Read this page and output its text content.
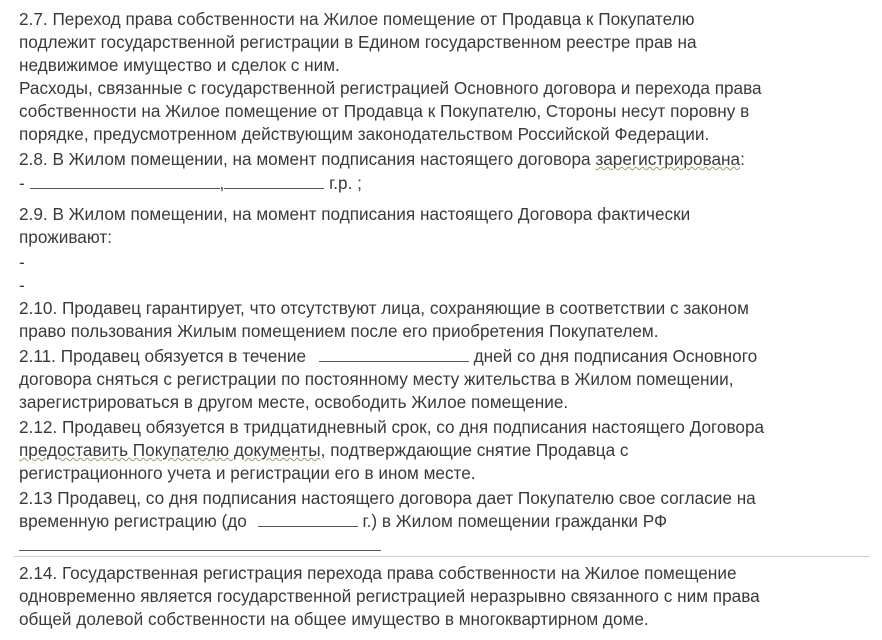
2.7. Переход права собственности на Жилое помещение от Продавца к Покупателю
подлежит государственной регистрации в Едином государственном реестре прав на
недвижимое имущество и сделок с ним.
Расходы, связанные с государственной регистрацией Основного договора и перехода права
собственности на Жилое помещение от Продавца к Покупателю, Стороны несут поровну в
порядке, предусмотренном действующим законодательством Российской Федерации.
2.8. В Жилом помещении, на момент подписания настоящего договора зарегистрирована:
-	,	г.р. ;
2.9. В Жилом помещении, на момент подписания настоящего Договора фактически
проживают:
-
-
2.10. Продавец гарантирует, что отсутствуют лица, сохраняющие в соответствии с законом
право пользования Жилым помещением после его приобретения Покупателем.
2.11. Продавец обязуется в течение	дней со дня подписания Основного
договора сняться с регистрации по постоянному месту жительства в Жилом помещении,
зарегистрироваться в другом месте, освободить Жилое помещение.
2.12. Продавец обязуется в тридцатидневный срок, со дня подписания настоящего Договора
предоставить Покупателю документы, подтверждающие снятие Продавца с
регистрационного учета и регистрации его в ином месте.
2.13 Продавец, со дня подписания настоящего договора дает Покупателю свое согласие на
временную регистрацию (до	г.) в Жилом помещении гражданки РФ
2.14. Государственная регистрация перехода права собственности на Жилое помещение
одновременно является государственной регистрацией неразрывно связанного с ним права
общей долевой собственности на общее имущество в многоквартирном доме.
